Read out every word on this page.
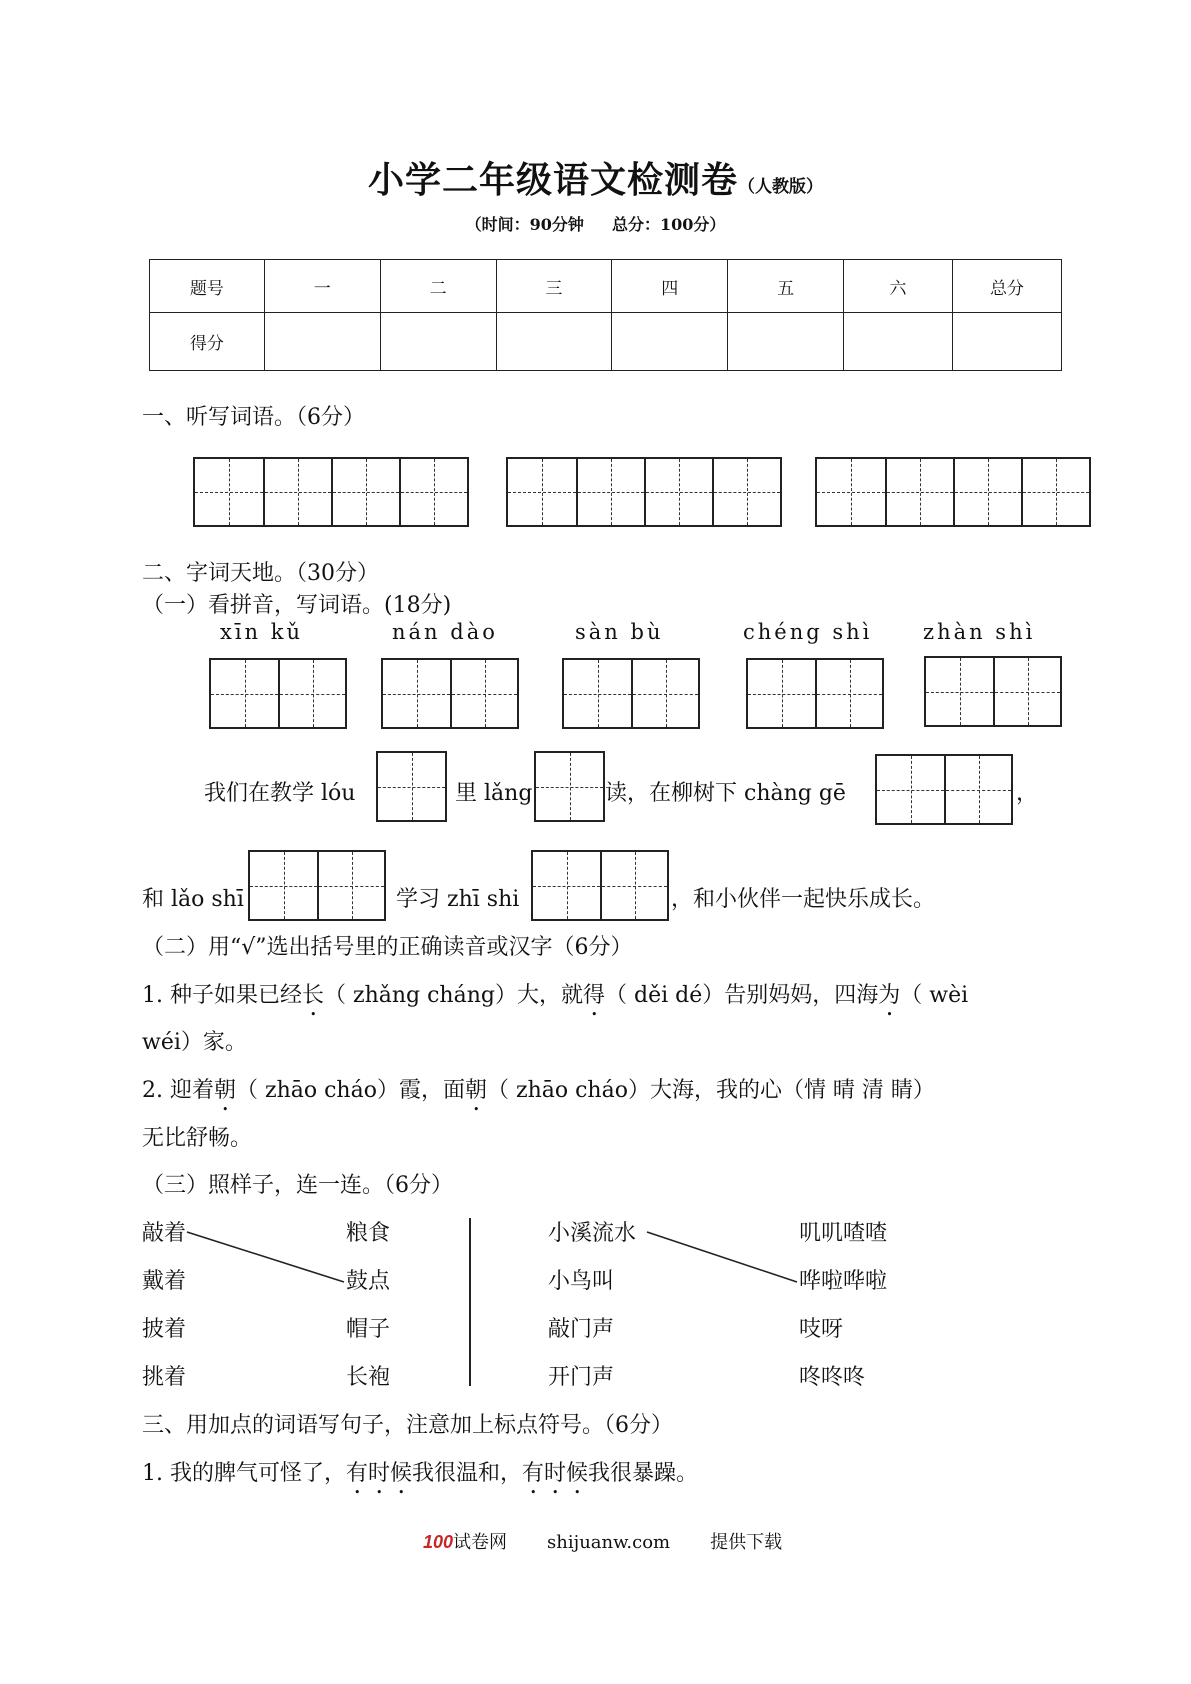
小学二年级语文检测卷（人教版）
（时间：90分钟 总分：100分）
题号	一	二	三	四	五	六	总分
得分							
一、听写词语。（6分）
二、字词天地。（30分）
（一）看拼音，写词语。(18分)
xīn kǔ	nán dào	sàn bù	chéng shì zhàn shì
我们在教学 lóu	里 lǎng	读，在柳树下 chàng gē	，
和 lǎo shī	学习 zhī shi	，和小伙伴一起快乐成长。
（二）用“√”选出括号里的正确读音或汉字（6分）
1. 种子如果已经长（ zhǎng cháng）大，就得（ děi dé）告别妈妈，四海为（ wèi
wéi）家。
2. 迎着朝（ zhāo cháo）霞，面朝（ zhāo cháo）大海，我的心（情 晴 清 睛）
无比舒畅。
（三）照样子，连一连。（6分）
敲着
戴着
披着
挑着
粮食
鼓点
帽子
长袍
小溪流水
小鸟叫
敲门声
开门声
叽叽喳喳
哗啦哗啦
吱呀
咚咚咚
三、用加点的词语写句子，注意加上标点符号。（6分）
1. 我的脾气可怪了，有时候我很温和，有时候我很暴躁。
100试卷网 shijuanw.com 提供下载
